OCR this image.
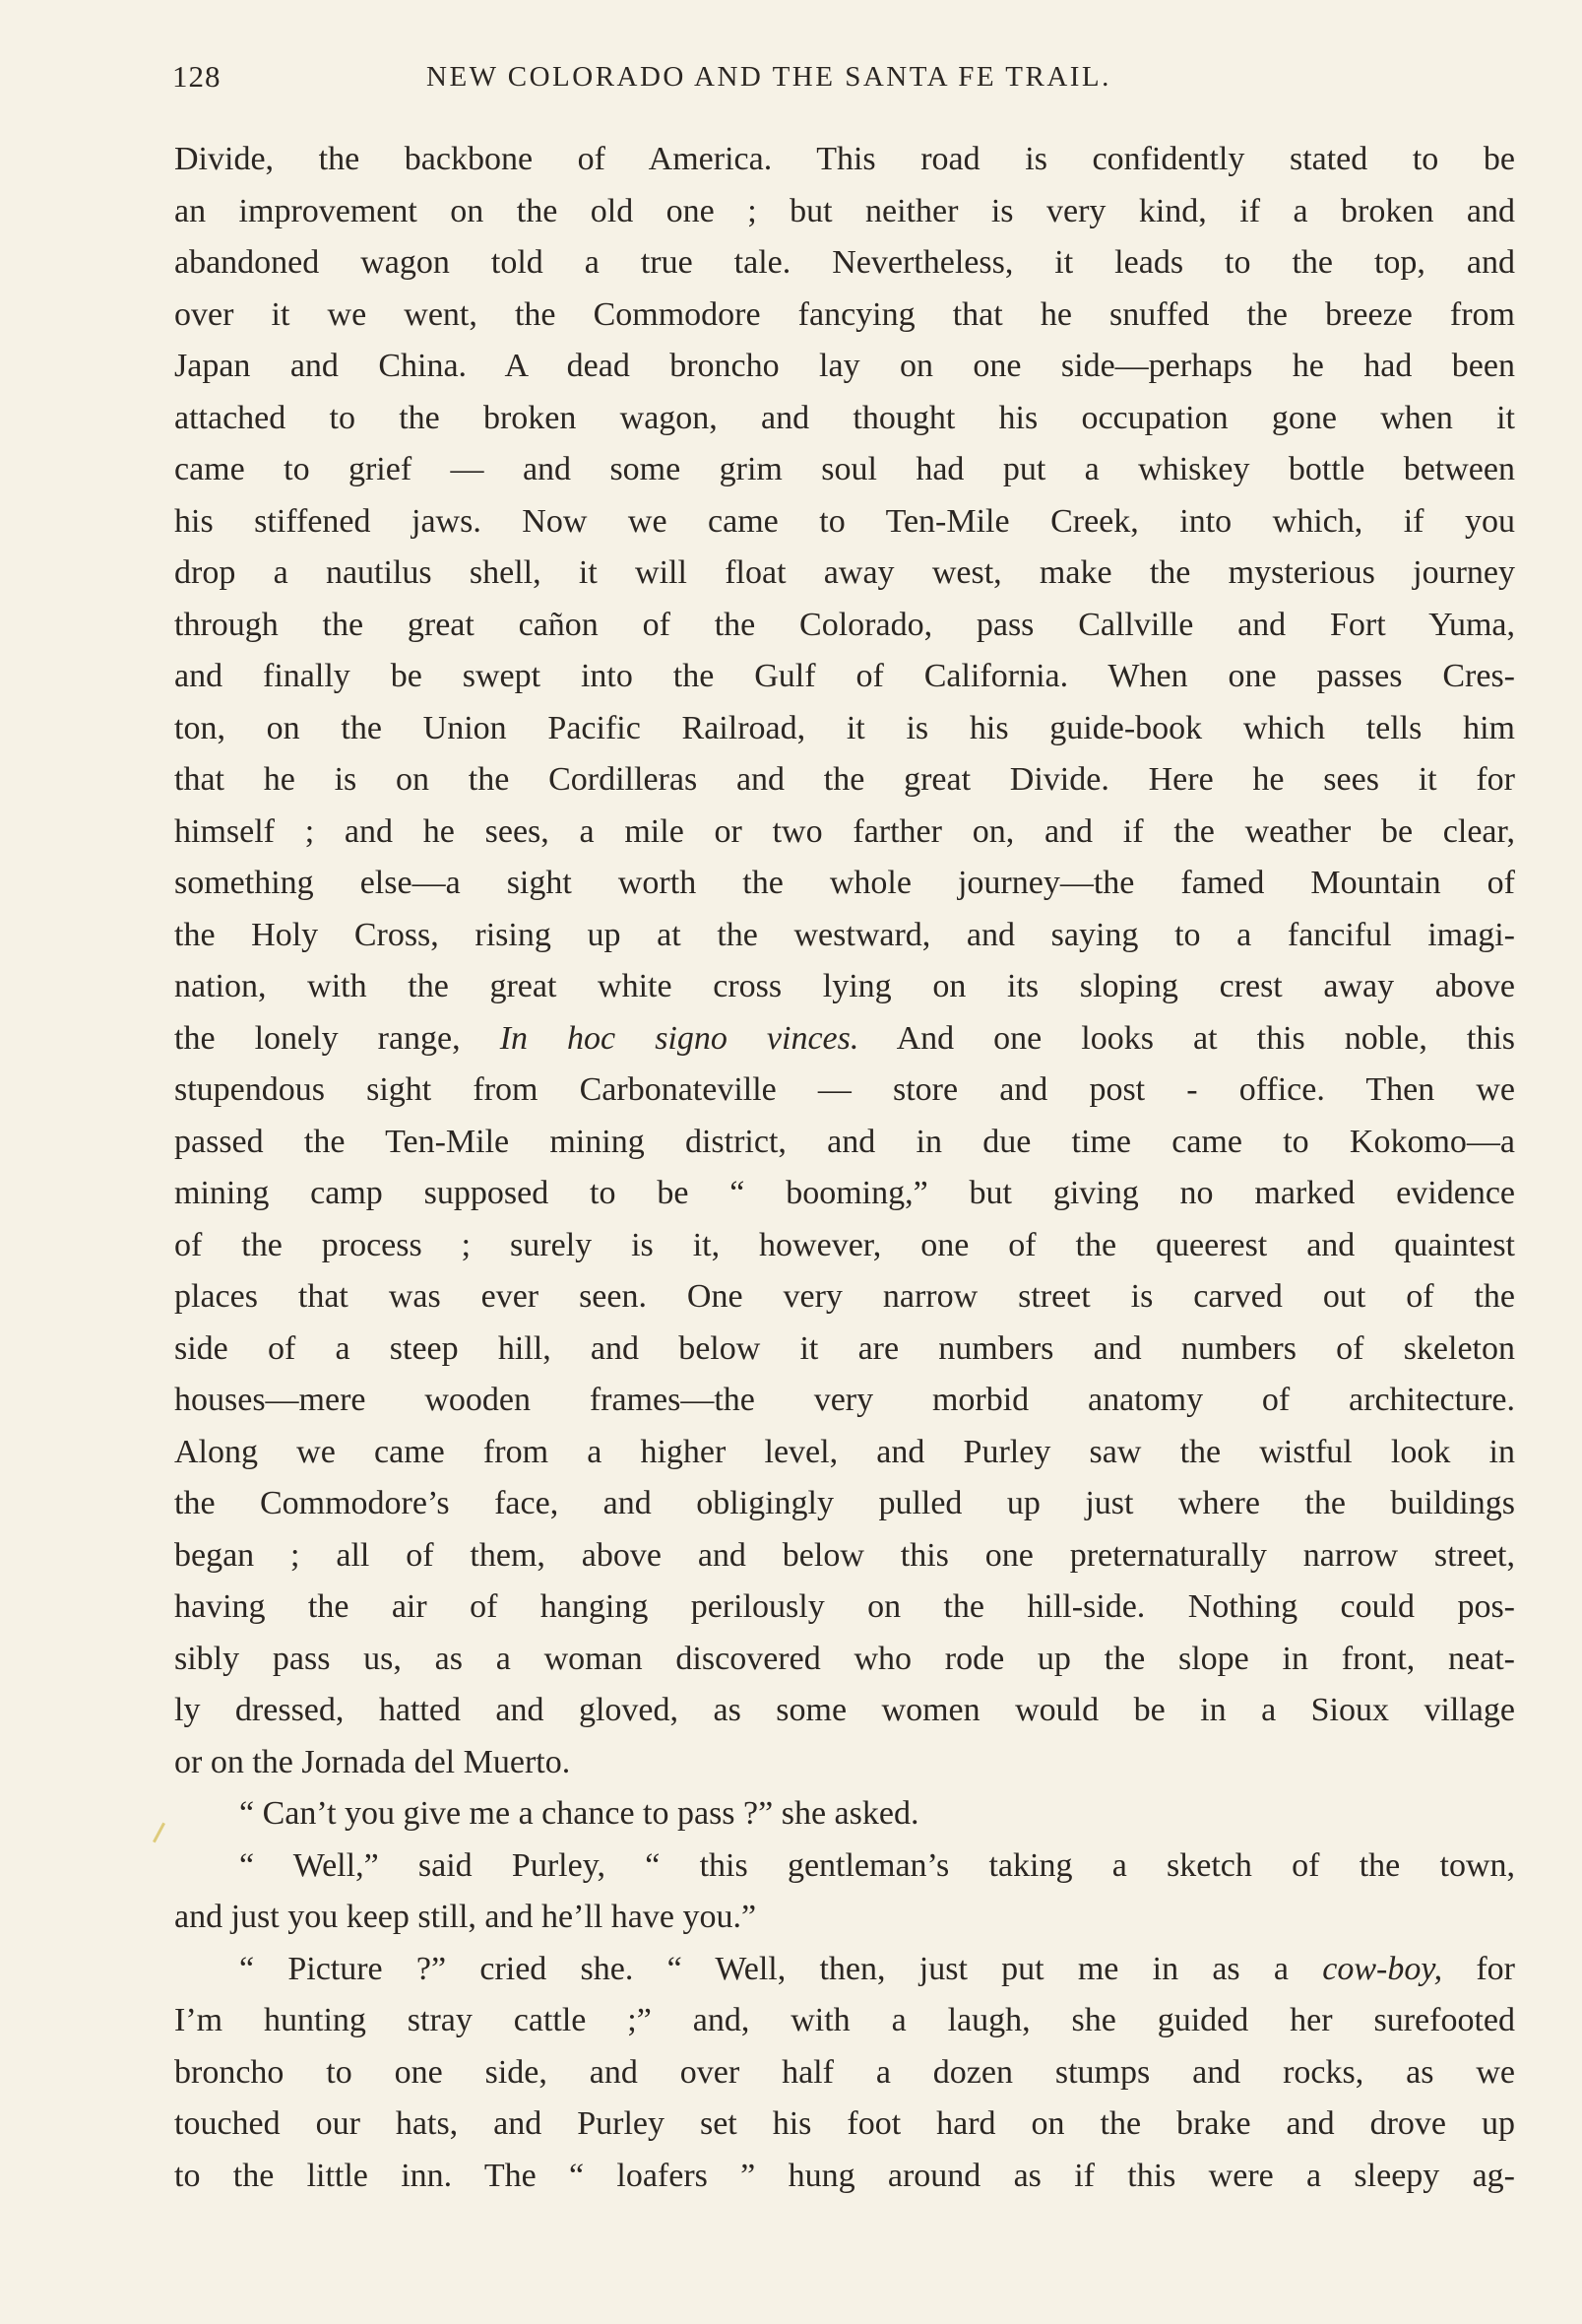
128	NEW COLORADO AND THE SANTA FE TRAIL.
Divide, the backbone of America. This road is confidently stated to be
an improvement on the old one ; but neither is very kind, if a broken and
abandoned wagon told a true tale. Nevertheless, it leads to the top, and
over it we went, the Commodore fancying that he snuffed the breeze from
Japan and China. A dead broncho lay on one side—perhaps he had been
attached to the broken wagon, and thought his occupation gone when it
came to grief — and some grim soul had put a whiskey bottle between
his stiffened jaws. Now we came to Ten-Mile Creek, into which, if you
drop a nautilus shell, it will float away west, make the mysterious journey
through the great cañon of the Colorado, pass Callville and Fort Yuma,
and finally be swept into the Gulf of California. When one passes Cres-
ton, on the Union Pacific Railroad, it is his guide-book which tells him
that he is on the Cordilleras and the great Divide. Here he sees it for
himself ; and he sees, a mile or two farther on, and if the weather be clear,
something else—a sight worth the whole journey—the famed Mountain of
the Holy Cross, rising up at the westward, and saying to a fanciful imagi-
nation, with the great white cross lying on its sloping crest away above
the lonely range, In hoc signo vinces. And one looks at this noble, this
stupendous sight from Carbonateville — store and post - office. Then we
passed the Ten-Mile mining district, and in due time came to Kokomo—a
mining camp supposed to be “ booming,” but giving no marked evidence
of the process ; surely is it, however, one of the queerest and quaintest
places that was ever seen. One very narrow street is carved out of the
side of a steep hill, and below it are numbers and numbers of skeleton
houses—mere wooden frames—the very morbid anatomy of architecture.
Along we came from a higher level, and Purley saw the wistful look in
the Commodore’s face, and obligingly pulled up just where the buildings
began ; all of them, above and below this one preternaturally narrow street,
having the air of hanging perilously on the hill-side. Nothing could pos-
sibly pass us, as a woman discovered who rode up the slope in front, neat-
ly dressed, hatted and gloved, as some women would be in a Sioux village
or on the Jornada del Muerto.
“ Can’t you give me a chance to pass ?” she asked.
“ Well,” said Purley, “ this gentleman’s taking a sketch of the town,
and just you keep still, and he’ll have you.”
“ Picture ?” cried she. “ Well, then, just put me in as a cow-boy, for
I’m hunting stray cattle ;” and, with a laugh, she guided her surefooted
broncho to one side, and over half a dozen stumps and rocks, as we
touched our hats, and Purley set his foot hard on the brake and drove up
to the little inn. The “ loafers ” hung around as if this were a sleepy ag-
